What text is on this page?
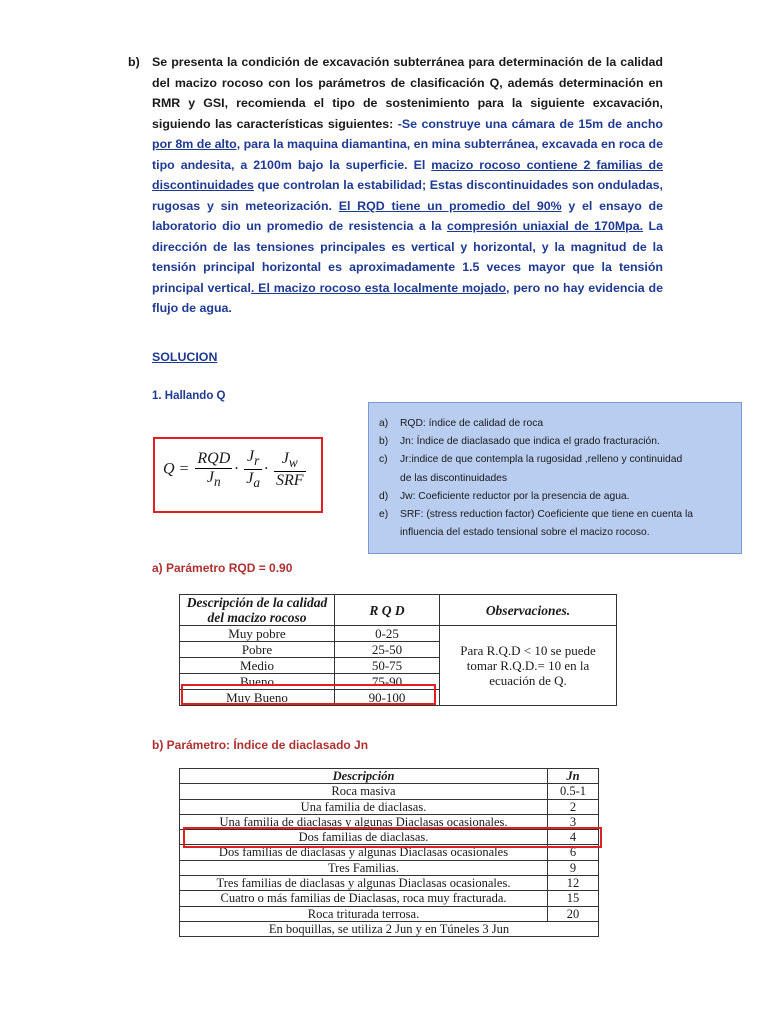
b) Se presenta la condición de excavación subterránea para determinación de la calidad del macizo rocoso con los parámetros de clasificación Q, además determinación en RMR y GSI, recomienda el tipo de sostenimiento para la siguiente excavación, siguiendo las características siguientes: -Se construye una cámara de 15m de ancho por 8m de alto, para la maquina diamantina, en mina subterránea, excavada en roca de tipo andesita, a 2100m bajo la superficie. El macizo rocoso contiene 2 familias de discontinuidades que controlan la estabilidad; Estas discontinuidades son onduladas, rugosas y sin meteorización. El RQD tiene un promedio del 90% y el ensayo de laboratorio dio un promedio de resistencia a la compresión uniaxial de 170Mpa. La dirección de las tensiones principales es vertical y horizontal, y la magnitud de la tensión principal horizontal es aproximadamente 1.5 veces mayor que la tensión principal vertical. El macizo rocoso esta localmente mojado, pero no hay evidencia de flujo de agua.
SOLUCION
1. Hallando Q
$Q = \frac{\text{RQD}}{J_n} \cdot \frac{J_r}{J_a} \cdot \frac{J_w}{\text{SRF}}$
a)	RQD: índice de calidad de roca
b)	Jn: Índice de diaclasado que indica el grado fracturación.
c)	Jr:indice de que contempla la rugosidad ,relleno y continuidad
de las discontinuidades
d)	Jw: Coeficiente reductor por la presencia de agua.
e)	SRF: (stress reduction factor) Coeficiente que tiene en cuenta la
influencia del estado tensional sobre el macizo rocoso.
a) Parámetro RQD = 0.90
Descripción de la calidad del macizo rocoso	R Q D	Observaciones.
Muy pobre	0-25	Para R.Q.D < 10 se puede tomar R.Q.D.= 10 en la ecuación de Q.
Pobre	25-50	
Medio	50-75	
Bueno	75-90	
Muy Bueno	90-100	
b) Parámetro: Índice de diaclasado Jn
Descripción	Jn
Roca masiva	0.5-1
Una familia de diaclasas.	2
Una familia de diaclasas y algunas Diaclasas ocasionales.	3
Dos familias de diaclasas.	4
Dos familias de diaclasas y algunas Diaclasas ocasionales	6
Tres Familias.	9
Tres familias de diaclasas y algunas Diaclasas ocasionales.	12
Cuatro o más familias de Diaclasas, roca muy fracturada.	15
Roca triturada terrosa.	20
En boquillas, se utiliza 2 Jun y en Túneles 3 Jun	
